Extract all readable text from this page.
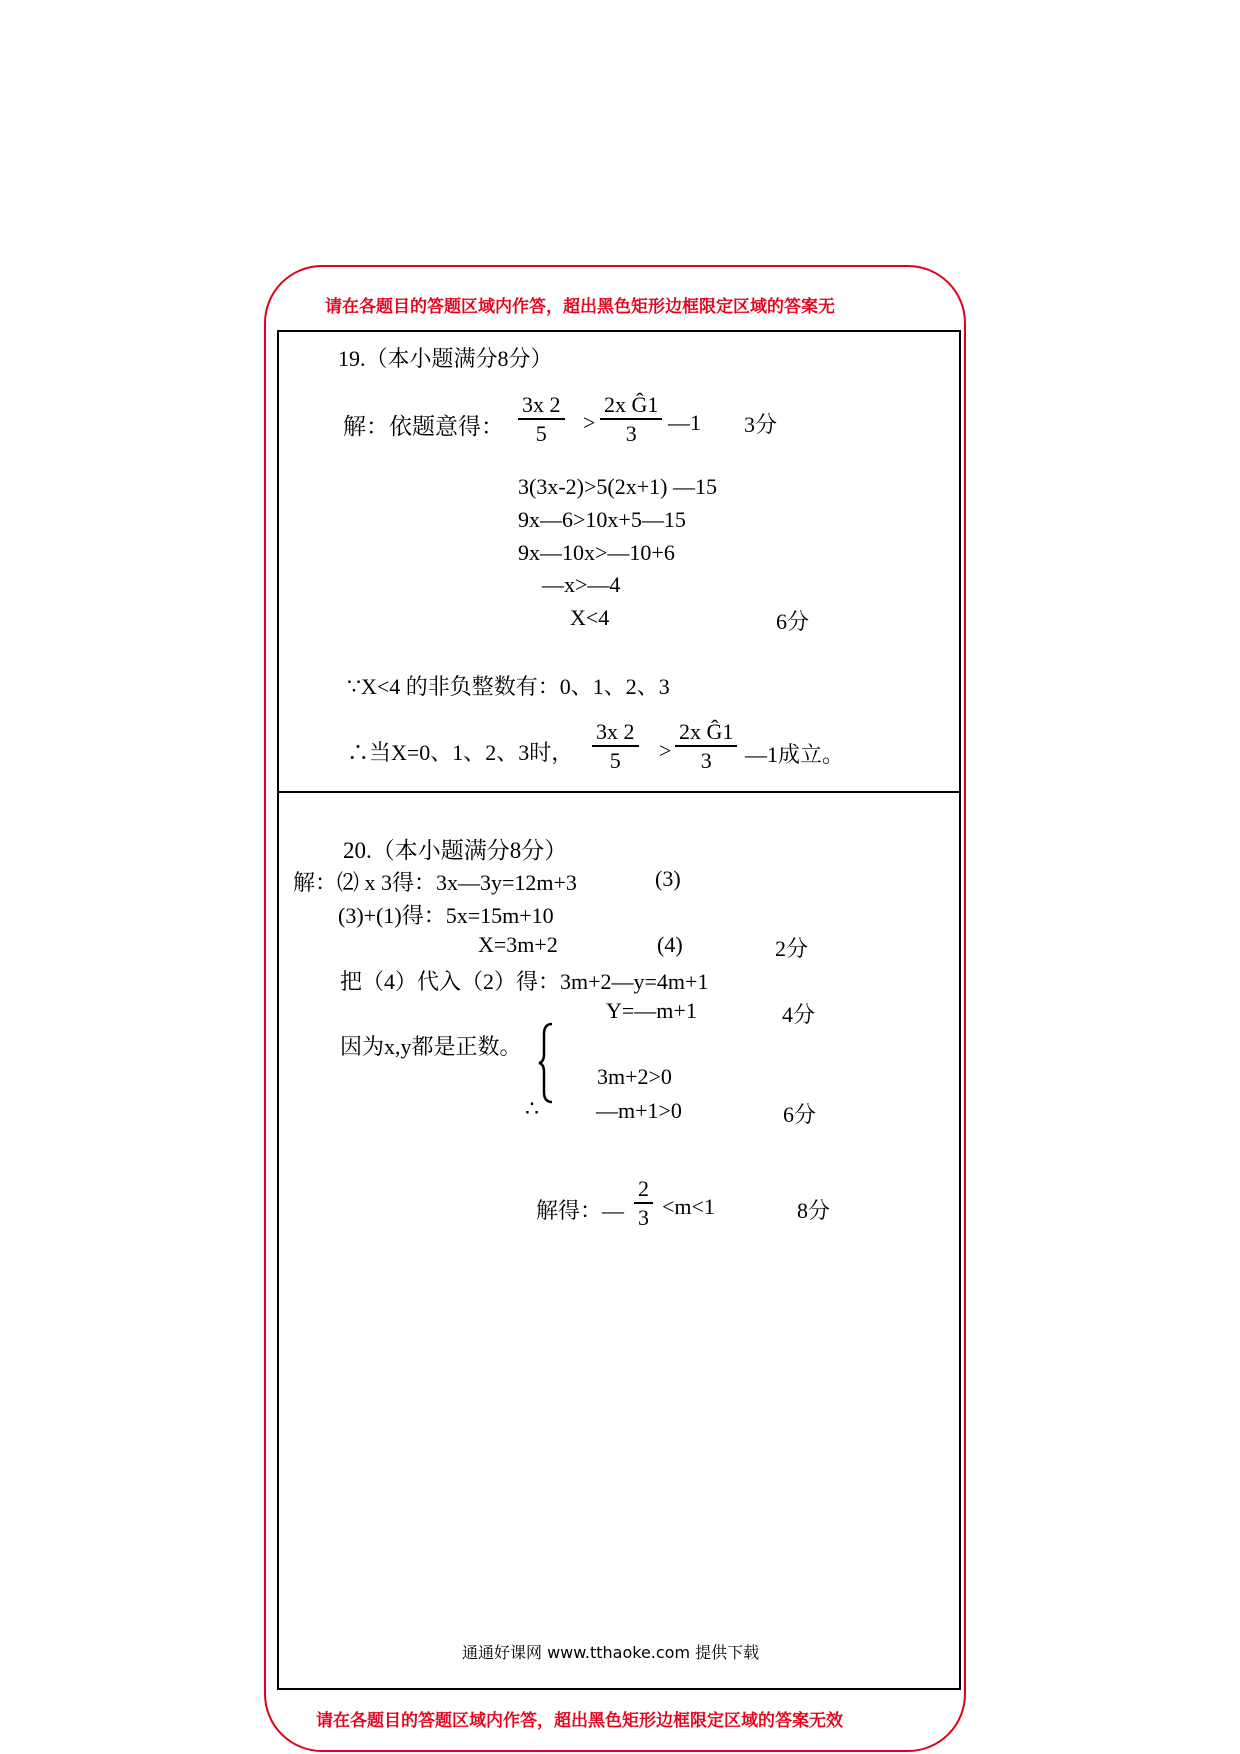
请在各题目的答题区域内作答，超出黑色矩形边框限定区域的答案无
19.（本小题满分8分）
解：依题意得：
3x 2
5 >
2x Ĝ1
3 —1 3分
3(3x-2)>5(2x+1) —15
9x—6>10x+5—15
9x—10x>—10+6
—x>—4
X<4	6分
∵X<4 的非负整数有：0、1、2、3
∴当X=0、1、2、3时，
3x 2
5 >
2x Ĝ1
3 —1成立。
20.（本小题满分8分）
解：⑵ x 3得：3x—3y=12m+3	(3)
(3)+(1)得：5x=15m+10
X=3m+2	(4)	2分
把（4）代入（2）得：3m+2—y=4m+1
Y=—m+1	4分
因为x,y都是正数。
3m+2>0
∴	—m+1>0	6分
解得：—
2
3 <m<1	8分
通通好课网 www.tthaoke.com 提供下载
请在各题目的答题区域内作答，超出黑色矩形边框限定区域的答案无效
